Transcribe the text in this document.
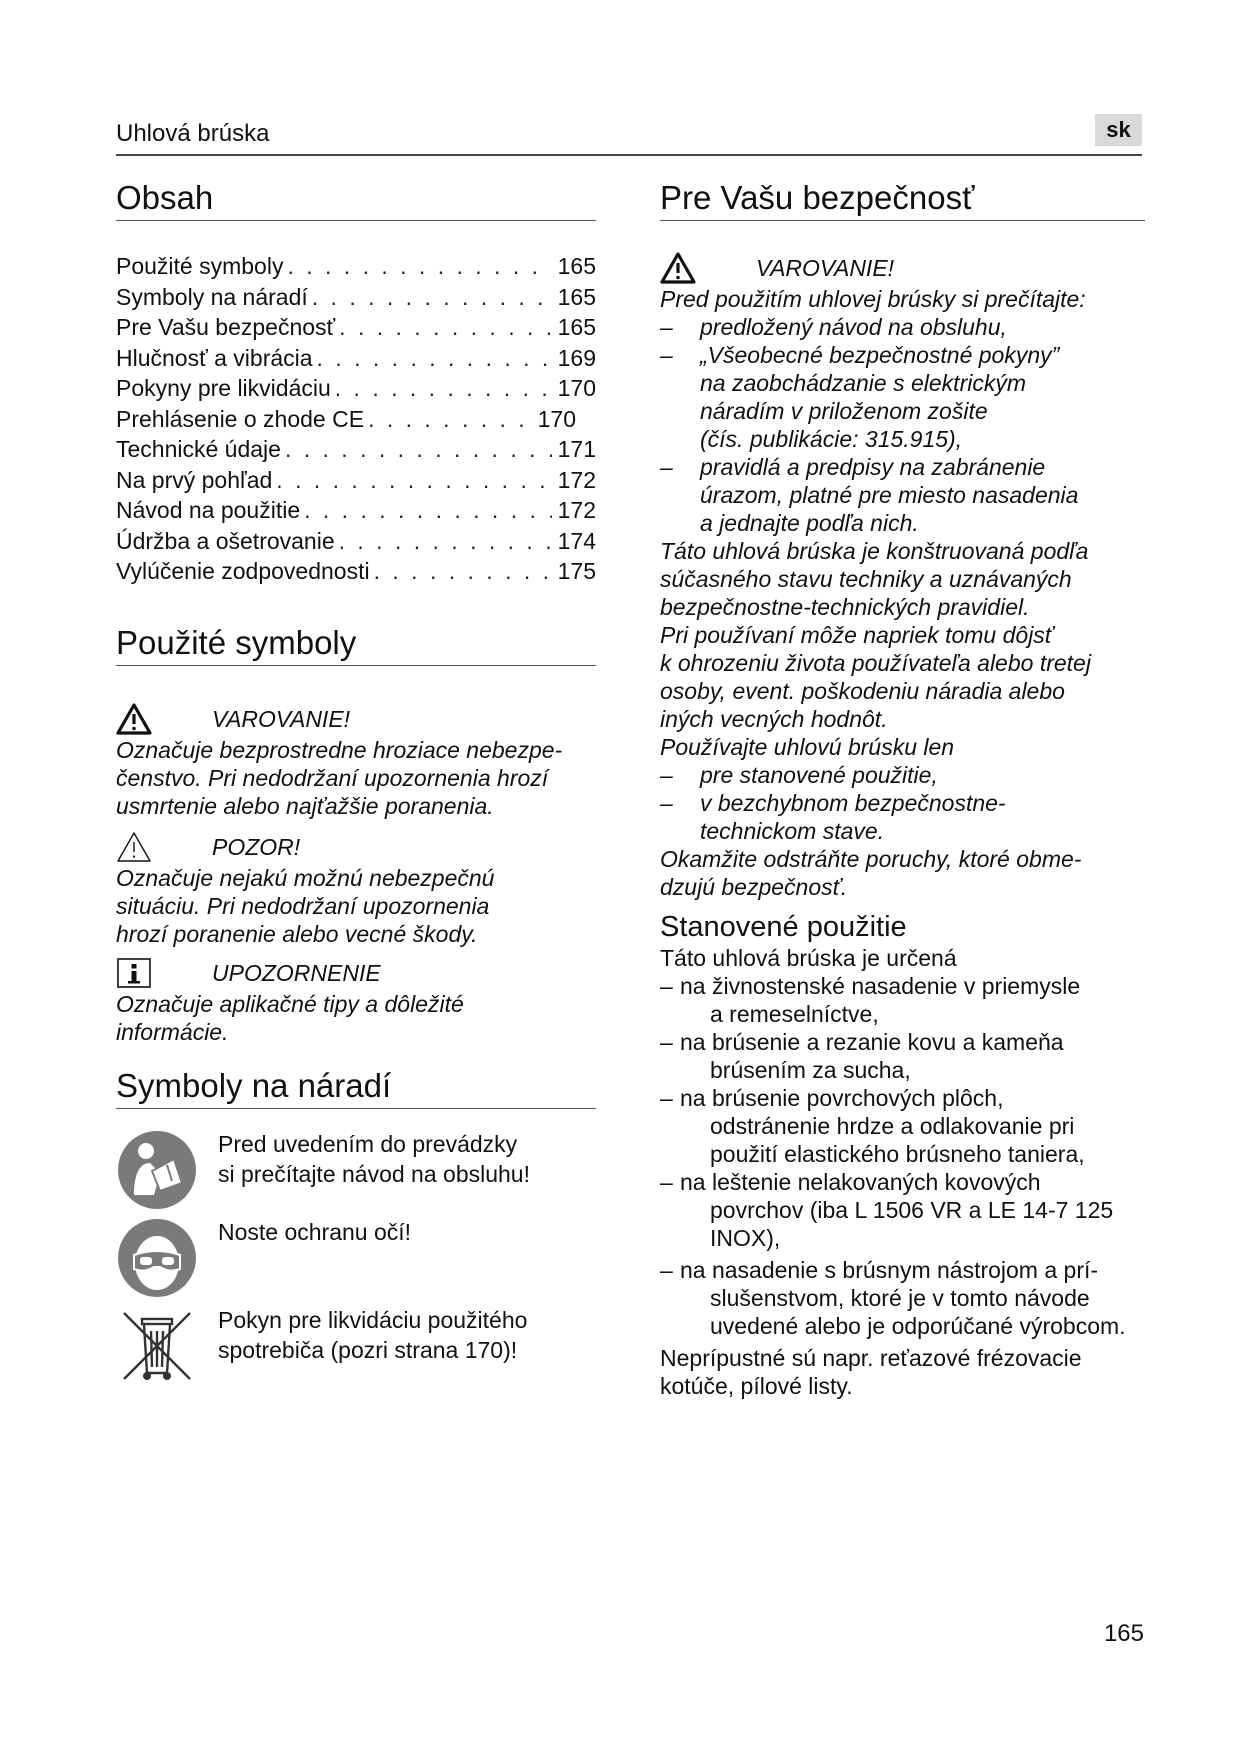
Uhlová brúska	sk
Obsah
Použité symboly . . .	165
Symboly na náradí . . .	165
Pre Vašu bezpečnosť . . .	165
Hlučnosť a vibrácia . . .	169
Pokyny pre likvidáciu . . .	170
Prehlásenie o zhode CE . . .	170
Technické údaje . . .	171
Na prvý pohľad . . .	172
Návod na použitie . . .	172
Údržba a ošetrovanie . . .	174
Vylúčenie zodpovednosti . . .	175
Použité symboly
VAROVANIE!
Označuje bezprostredne hroziace nebezpe-
čenstvo. Pri nedodržaní upozornenia hrozí
usmrtenie alebo najťažšie poranenia.
POZOR!
Označuje nejakú možnú nebezpečnú
situáciu. Pri nedodržaní upozornenia
hrozí poranenie alebo vecné škody.
UPOZORNENIE
Označuje aplikačné tipy a dôležité
informácie.
Symboly na náradí
Pred uvedením do prevádzky
si prečítajte návod na obsluhu!
Noste ochranu očí!
Pokyn pre likvidáciu použitého
spotrebiča (pozri strana 170)!
Pre Vašu bezpečnosť
VAROVANIE!
Pred použitím uhlovej brúsky si prečítajte:
–	predložený návod na obsluhu,
–	„Všeobecné bezpečnostné pokyny”
na zaobchádzanie s elektrickým
náradím v priloženom zošite
(čís. publikácie: 315.915),
–	pravidlá a predpisy na zabránenie
úrazom, platné pre miesto nasadenia
a jednajte podľa nich.
Táto uhlová brúska je konštruovaná podľa
súčasného stavu techniky a uznávaných
bezpečnostne-technických pravidiel.
Pri používaní môže napriek tomu dôjsť
k ohrozeniu života používateľa alebo tretej
osoby, event. poškodeniu náradia alebo
iných vecných hodnôt.
Používajte uhlovú brúsku len
–	pre stanovené použitie,
–	v bezchybnom bezpečnostne-
technickom stave.
Okamžite odstráňte poruchy, ktoré obme-
dzujú bezpečnosť.
Stanovené použitie
Táto uhlová brúska je určená
– na živnostenské nasadenie v priemysle
a remeselníctve,
– na brúsenie a rezanie kovu a kameňa
brúsením za sucha,
– na brúsenie povrchových plôch,
odstránenie hrdze a odlakovanie pri
použití elastického brúsneho taniera,
– na leštenie nelakovaných kovových
povrchov (iba L 1506 VR a LE 14-7 125
INOX),
– na nasadenie s brúsnym nástrojom a prí-
slušenstvom, ktoré je v tomto návode
uvedené alebo je odporúčané výrobcom.
Neprípustné sú napr. reťazové frézovacie
kotúče, pílové listy.
165
